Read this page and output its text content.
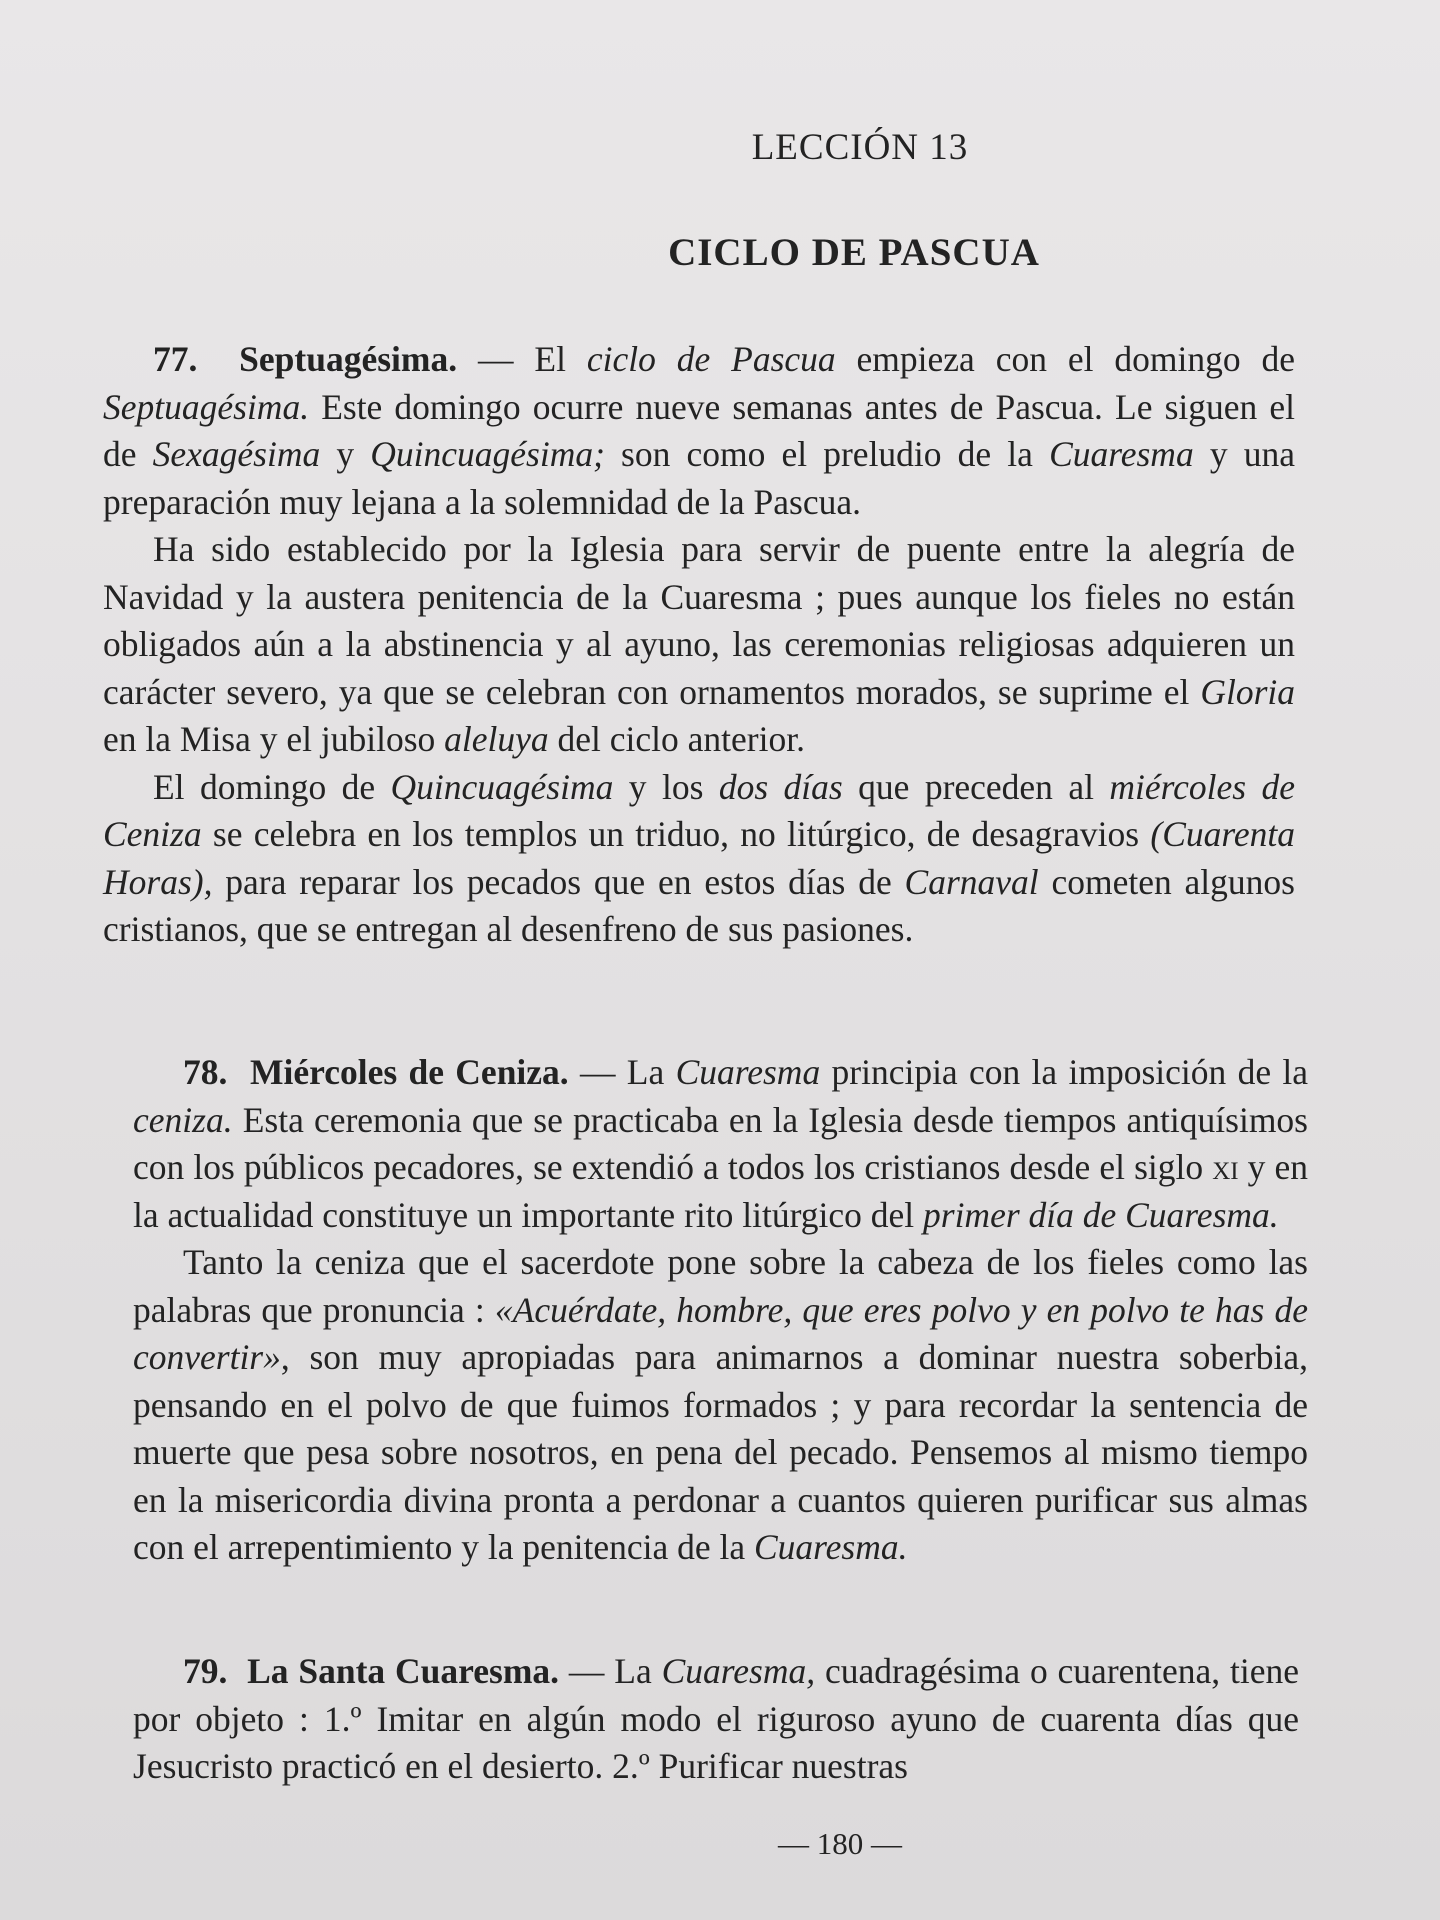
LECCIÓN 13
CICLO DE PASCUA

77. Septuagésima. — El ciclo de Pascua empieza con el domingo de Septuagésima. Este domingo ocurre nueve semanas antes de Pascua. Le siguen el de Sexagésima y Quincuagésima; son como el preludio de la Cuaresma y una preparación muy lejana a la solemnidad de la Pascua.

Ha sido establecido por la Iglesia para servir de puente entre la alegría de Navidad y la austera penitencia de la Cuaresma ; pues aunque los fieles no están obligados aún a la abstinencia y al ayuno, las ceremonias religiosas adquieren un carácter severo, ya que se celebran con ornamentos morados, se suprime el Gloria en la Misa y el jubiloso aleluya del ciclo anterior.

El domingo de Quincuagésima y los dos días que preceden al miércoles de Ceniza se celebra en los templos un triduo, no litúrgico, de desagravios (Cuarenta Horas), para reparar los pecados que en estos días de Carnaval cometen algunos cristianos, que se entregan al desenfreno de sus pasiones.

78. Miércoles de Ceniza. — La Cuaresma principia con la imposición de la ceniza. Esta ceremonia que se practicaba en la Iglesia desde tiempos antiquísimos con los públicos pecadores, se extendió a todos los cristianos desde el siglo xi y en la actualidad constituye un importante rito litúrgico del primer día de Cuaresma.

Tanto la ceniza que el sacerdote pone sobre la cabeza de los fieles como las palabras que pronuncia : «Acuérdate, hombre, que eres polvo y en polvo te has de convertir», son muy apropiadas para animarnos a dominar nuestra soberbia, pensando en el polvo de que fuimos formados ; y para recordar la sentencia de muerte que pesa sobre nosotros, en pena del pecado. Pensemos al mismo tiempo en la misericordia divina pronta a perdonar a cuantos quieren purificar sus almas con el arrepentimiento y la penitencia de la Cuaresma.

79. La Santa Cuaresma. — La Cuaresma, cuadragésima o cuarentena, tiene por objeto : 1.º Imitar en algún modo el riguroso ayuno de cuarenta días que Jesucristo practicó en el desierto. 2.º Purificar nuestras

— 180 —
